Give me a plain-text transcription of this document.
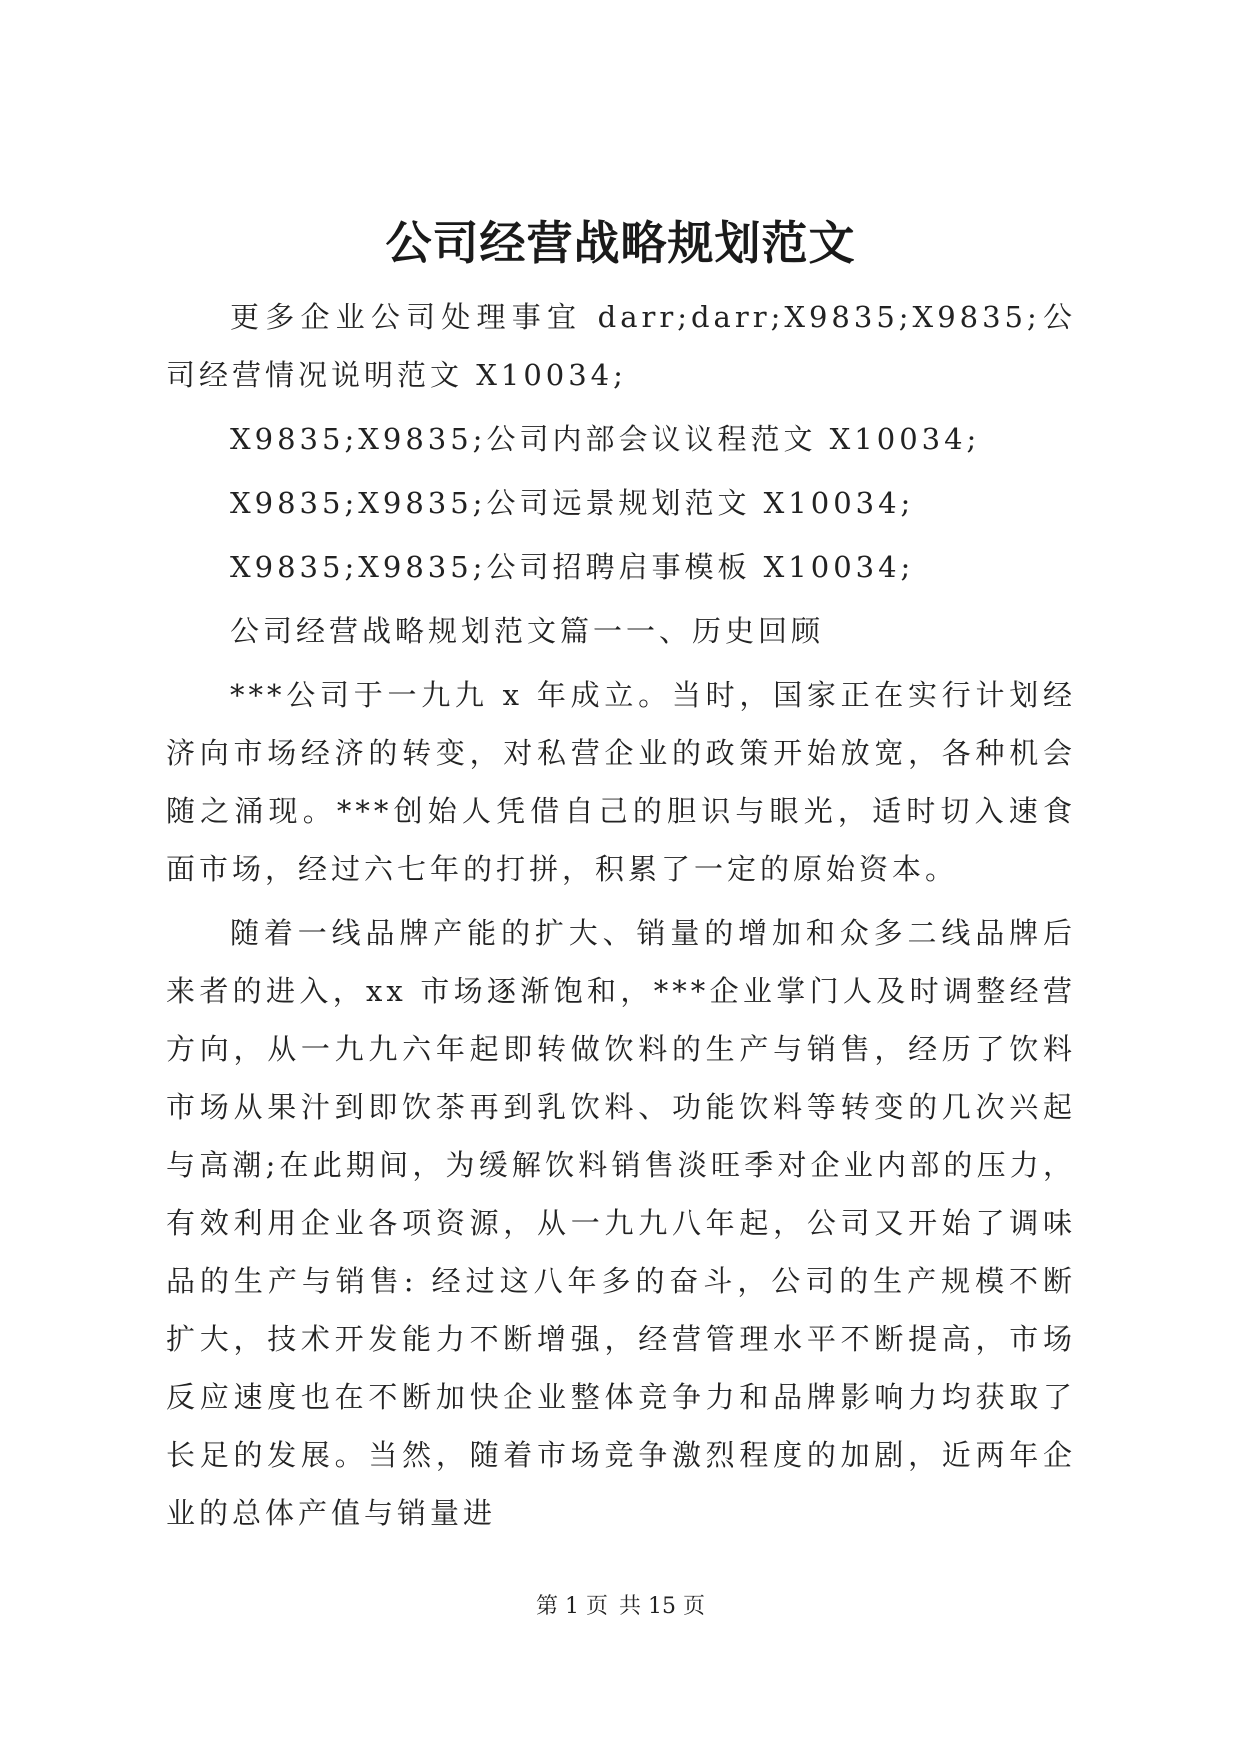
公司经营战略规划范文

更多企业公司处理事宜 darr;darr;X9835;X9835;公司经营情况说明范文 X10034;

X9835;X9835;公司内部会议议程范文 X10034;

X9835;X9835;公司远景规划范文 X10034;

X9835;X9835;公司招聘启事模板 X10034;

公司经营战略规划范文篇一一、历史回顾

***公司于一九九 x 年成立。当时，国家正在实行计划经济向市场经济的转变，对私营企业的政策开始放宽，各种机会随之涌现。***创始人凭借自己的胆识与眼光，适时切入速食面市场，经过六七年的打拼，积累了一定的原始资本。

随着一线品牌产能的扩大、销量的增加和众多二线品牌后来者的进入，xx 市场逐渐饱和，***企业掌门人及时调整经营方向，从一九九六年起即转做饮料的生产与销售，经历了饮料市场从果汁到即饮茶再到乳饮料、功能饮料等转变的几次兴起与高潮;在此期间，为缓解饮料销售淡旺季对企业内部的压力，有效利用企业各项资源，从一九九八年起，公司又开始了调味品的生产与销售: 经过这八年多的奋斗，公司的生产规模不断扩大，技术开发能力不断增强，经营管理水平不断提高，市场反应速度也在不断加快企业整体竞争力和品牌影响力均获取了长足的发展。当然，随着市场竞争激烈程度的加剧，近两年企业的总体产值与销量进

第 1 页 共 15 页
